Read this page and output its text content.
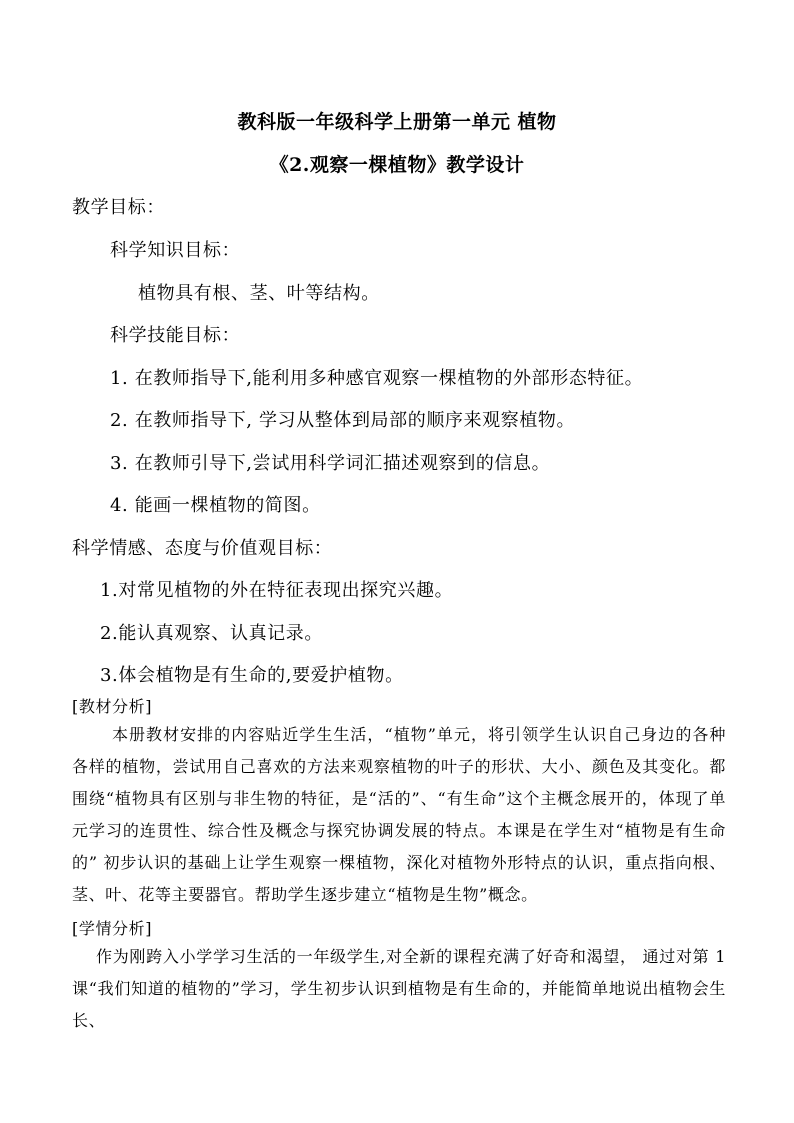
教科版一年级科学上册第一单元 植物
《2.观察一棵植物》教学设计
教学目标：
科学知识目标：
植物具有根、茎、叶等结构。
科学技能目标：
1. 在教师指导下,能利用多种感官观察一棵植物的外部形态特征。
2. 在教师指导下, 学习从整体到局部的顺序来观察植物。
3. 在教师引导下,尝试用科学词汇描述观察到的信息。
4. 能画一棵植物的简图。
科学情感、态度与价值观目标：
1.对常见植物的外在特征表现出探究兴趣。
2.能认真观察、认真记录。
3.体会植物是有生命的,要爱护植物。
[教材分析]
本册教材安排的内容贴近学生生活，“植物”单元，将引领学生认识自己身边的各种各样的植物，尝试用自己喜欢的方法来观察植物的叶子的形状、大小、颜色及其变化。都围绕“植物具有区别与非生物的特征，是“活的”、“有生命”这个主概念展开的，体现了单元学习的连贯性、综合性及概念与探究协调发展的特点。本课是在学生对“植物是有生命的” 初步认识的基础上让学生观察一棵植物，深化对植物外形特点的认识，重点指向根、茎、叶、花等主要器官。帮助学生逐步建立“植物是生物”概念。
[学情分析]
作为刚跨入小学学习生活的一年级学生,对全新的课程充满了好奇和渴望， 通过对第 1 课“我们知道的植物的”学习，学生初步认识到植物是有生命的，并能简单地说出植物会生长、
